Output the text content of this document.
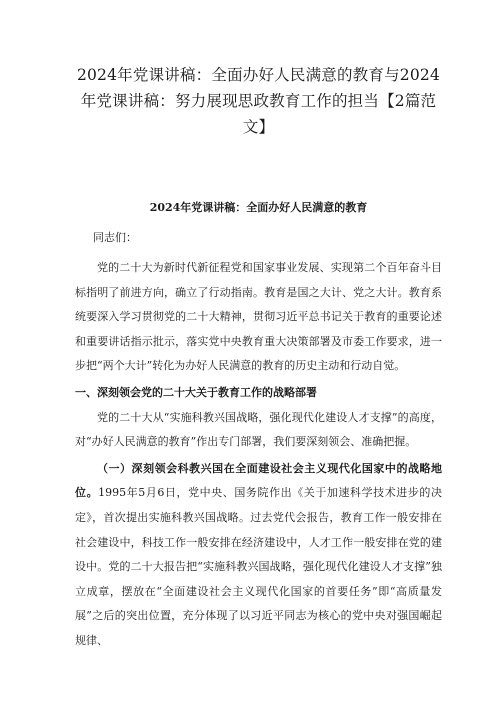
2024年党课讲稿：全面办好人民满意的教育与2024年党课讲稿：努力展现思政教育工作的担当【2篇范文】
2024年党课讲稿：全面办好人民满意的教育

同志们：

党的二十大为新时代新征程党和国家事业发展、实现第二个百年奋斗目标指明了前进方向，确立了行动指南。教育是国之大计、党之大计。教育系统要深入学习贯彻党的二十大精神，贯彻习近平总书记关于教育的重要论述和重要讲话指示批示，落实党中央教育重大决策部署及市委工作要求，进一步把“两个大计”转化为办好人民满意的教育的历史主动和行动自觉。

一、深刻领会党的二十大关于教育工作的战略部署

党的二十大从“实施科教兴国战略，强化现代化建设人才支撑”的高度，对“办好人民满意的教育”作出专门部署，我们要深刻领会、准确把握。

（一）深刻领会科教兴国在全面建设社会主义现代化国家中的战略地位。1995年5月6日，党中央、国务院作出《关于加速科学技术进步的决定》，首次提出实施科教兴国战略。过去党代会报告，教育工作一般安排在社会建设中，科技工作一般安排在经济建设中，人才工作一般安排在党的建设中。党的二十大报告把“实施科教兴国战略，强化现代化建设人才支撑”独立成章，摆放在“全面建设社会主义现代化国家的首要任务”即“高质量发展”之后的突出位置，充分体现了以习近平同志为核心的党中央对强国崛起规律、
